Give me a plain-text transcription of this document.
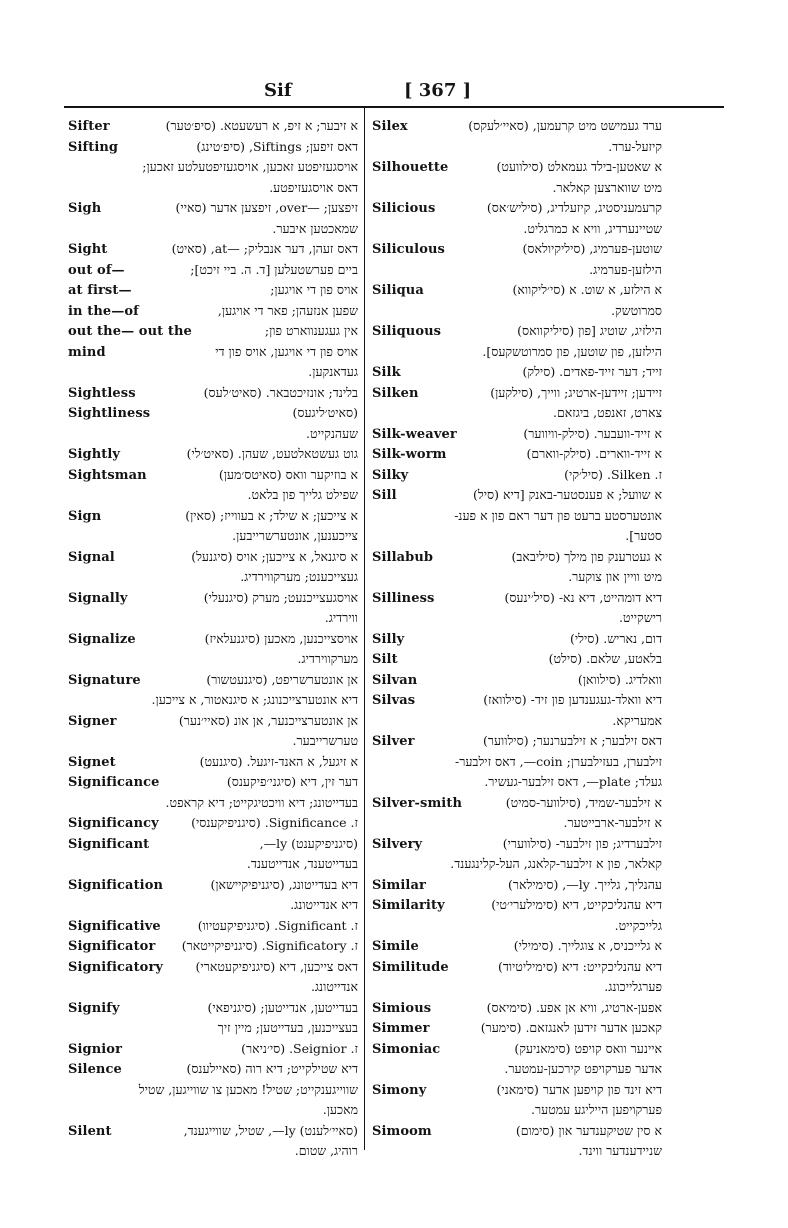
Sif	[ 367 ]
Sifter	א זיבער; א זיפ, א רעשעטא. (סיפ׳טער)
Sifting	דאס זיפען; Siftings, (סיפ׳טינג)
אויסגעזיפטע זאכען, אויסגעזיפטעלטע זאכען;
דאס אויסגעזיפטע.
Sigh	זיפצען; —over, זיפצען אדער (סאיי)
שמאכטען איבער.
Sight	דאס זעהן, דער אנבליק; —at, (סאיט)
out of—	ביים פערשטעלען [ד. ה. ביי זיכט];
at first—	אויס פון די אויגען;
in the—of	שפען אנזעהן; פאר די אויגען,
out the— out the	אין געגענווארט פון;
mind	אויס פון די אויגען, אויס פון די
געדאנקען.
Sightless	בלינד; אונזיכטבאר. (סאיט׳לעס)
Sightliness	(סאיט׳ליגעס)
שעהנקייט.
Sightly	גוט געשטאלטעט, שעהן. (סאיט׳לי)
Sightsman	א בוזיקער וואס (סאיטס׳מען)
שפילט גלייך פון בלאט.
Sign	א צייכען; א שילד; א בעווייז; (סאין)
צייכענען, אונטערשרייבען.
Signal	א סיגנאל, א צייכען; אויס (סיגנעל)
געצייכענט; מערקווירדיג.
Signally	אויסגעצייכנעט; מערק (סיגנעלי)
ווירדיג.
Signalize	אויסצייכנען, מאכען (סיגנעלאיז)
מערקווירדיג.
Signature	אן אונטערשריפט, (סיגנעטשור)
דיא אונטערצייכנונג; א סיגנאטור, א צייכען.
Signer	אן אונטערצייכנער, אן אונ (סאיי׳נער)
טערשרייבער.
Signet	א זיגעל, א האנד-זיגעל. (סיגנעט)
Significance	דער זין, דיא (סיגני׳פיקענס)
בעדייטונג; דיא וויכטיגקייט; דיא קראפט.
Significancy	ז. Significance. (סיגניפיקענסי)
Significant	(סיגניפיקענט) ly—,
בעדייטענד, אנדייטענד.
Signification	דיא בעדייטונג, (סיגניפיקיישאן)
דיא אנדייטונג.
Significative	ז. Significant. (סיגניפיקעטיוו)
Significator	ז. Significatory. (סיגניפיקייטאר)
Significatory	דאס צייכען, דיא (סיגניפיקעטארי)
אנדייטונג.
Signify	בעדייטען, אנדייטען; (סיגניפאי)
בעצייכנען, בעדייטען; מיין זיך
Signior	ז. Seignior. (סי׳ניאר)
Silence	דיא שטילקייט; דיא רוה (סאיילענס)
שווייגענקייט; שטיל! מאכען צו שווייגען, שטיל
מאכען.
Silent	(סאיי׳לענט) ly—, שטיל, שווייגענד,
רוהיג, שטום.
Silex	ערד געמישט מיט קרעמען, (סאיי׳לעקס)
קיזעל-ערד.
Silhouette	א שאטען-בילד געמאלט (סילוועט)
מיט שווארצען קאלאר.
Silicious	קרעמעניסטיג, קיזעלדיג, (סיליש׳אס)
שטיינערדיג, וויא א כמרגליט.
Siliculous	שוטען-פערמיג, (סיליקיולאס)
הילזען-פערמיג.
Siliqua	א הילזע, א שוט. א (סי׳ליקווא)
סמרוטשק.
Siliquous	הילזיג, שוטיג [פון (סיליקוואס)
הילזען, פון שוטען, פון סמרוטשקעס].
Silk	זייד; דער זייד-פאדים. (סילק)
Silken	זיידען; זיידען-ארטיג; ווייך, (סילקען)
צארט, זאנפט, ביגזאם.
Silk-weaver	א זייד-וועבער. (סילק-וויווער)
Silk-worm	א זייד-ווארים. (סילק-ווארם)
Silky	ז. Silken. (סיל׳קי)
Sill	א שוועל; א פענסטער-באנק [דיא (סיל)
אונטערסטע ברעט פון דער ראם פון א פענ-
סטער].
Sillabub	א געטרענק פון מילך (סיליבאב)
מיט וויין און צוקער.
Silliness	דיא דומהייט, דיא נא- (סיל׳ינעס)
רישקייט.
Silly	דום, נאריש. (סילי)
Silt	בלאטע, שלאם. (סילט)
Silvan	וואלדיג. (סילוואן)
Silvas	דיא וואלד-געגענדען פון זיד- (סילוואז)
אמעריקא.
Silver	דאס זילבער; א זילבערנער; (סילווער)
זילבערן, בעזילבערן; coin—, דאס זילבער-
געלד; plate—, דאס זילבער-געשיר.
Silver-smith	א זילבער-שמיד, (סילווער-סמיט)
א זילבער-ארבייטער.
Silvery	זילבערדיג; פון זילבער- (סילווערי)
קאלאר, פון א זילבער-קלאנג, העל-קלינגענד.
Similar	עהנליך, גלייך. ly—, (סימילאר)
Similarity	דיא עהנליכקייט, דיא (סימילערי׳טי)
גלייכקייט.
Simile	א גלייכניס, א צוגלייך. (סימילי)
Similitude	דיא עהנליכקייט: דיא (סימיליטיוד)
פערגלייכונג.
Simious	אפען-ארטיג, וויא אן אפע. (סימיאס)
Simmer	קאכען אדער זידען לאנגזאם. (סימער)
Simoniac	איינער וואס קויפט (סימאניעק)
אדער פערקויפט קירכען-עמטער.
Simony	דיא זינד פון קויפען אדער (סימאני)
פערקויפען הייליגע עמטער.
Simoom	א סין שטיקענדער און (סימום)
שניידענדער ווינד.
